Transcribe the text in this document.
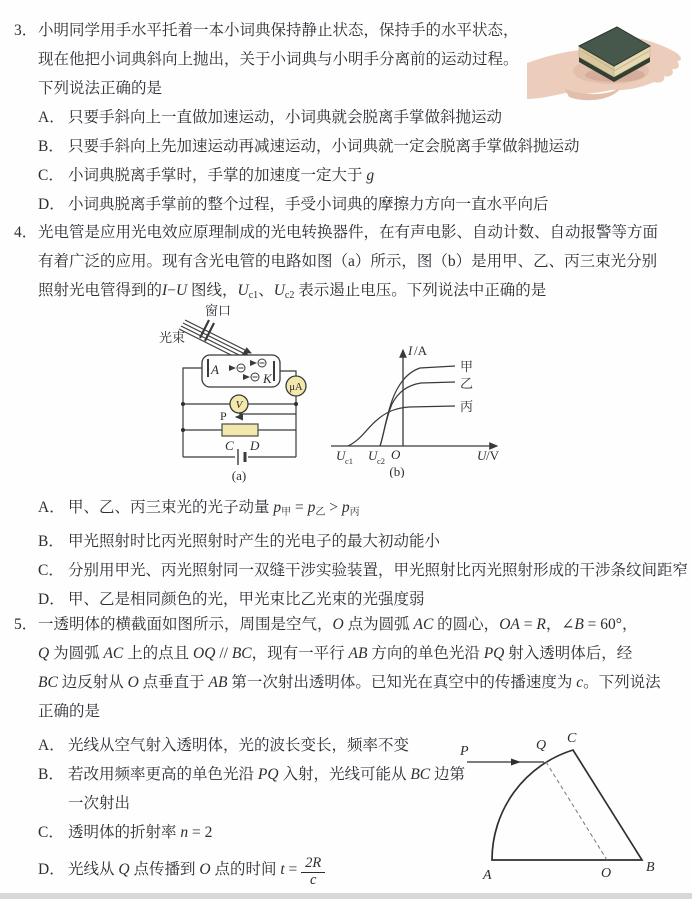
3．小明同学用手水平托着一本小词典保持静止状态，保持手的水平状态，
现在他把小词典斜向上抛出，关于小词典与小明手分离前的运动过程。
下列说法正确的是
A． 只要手斜向上一直做加速运动，小词典就会脱离手掌做斜抛运动
B． 只要手斜向上先加速运动再减速运动，小词典就一定会脱离手掌做斜抛运动
C． 小词典脱离手掌时，手掌的加速度一定大于 g
D． 小词典脱离手掌前的整个过程，手受小词典的摩擦力方向一直水平向后
4．光电管是应用光电效应原理制成的光电转换器件，在有声电影、自动计数、自动报警等方面
有着广泛的应用。现有含光电管的电路如图（a）所示，图（b）是用甲、乙、丙三束光分别
照射光电管得到的I−U 图线，Uc1、Uc2 表示遏止电压。下列说法中正确的是
窗口
光束
A
K
μA
V
P
C D
(a)
I /A
甲
乙
丙
U c1 U c2 O	U /V
(b)
A． 甲、乙、丙三束光的光子动量 p甲 = p乙 > p丙
B． 甲光照射时比丙光照射时产生的光电子的最大初动能小
C． 分别用甲光、丙光照射同一双缝干涉实验装置，甲光照射比丙光照射形成的干涉条纹间距窄
D． 甲、乙是相同颜色的光，甲光束比乙光束的光强度弱
5．一透明体的横截面如图所示，周围是空气，O 点为圆弧 AC 的圆心，OA = R，∠B = 60°，
Q 为圆弧 AC 上的点且 OQ // BC，现有一平行 AB 方向的单色光沿 PQ 射入透明体后，经
BC 边反射从 O 点垂直于 AB 第一次射出透明体。已知光在真空中的传播速度为 c。下列说法
正确的是
A． 光线从空气射入透明体，光的波长变长，频率不变
B． 若改用频率更高的单色光沿 PQ 入射，光线可能从 BC 边第
一次射出
C． 透明体的折射率 n = 2
D． 光线从 Q 点传播到 O 点的时间 $t = \frac{2R}{c}$
P	Q C
A	O B
